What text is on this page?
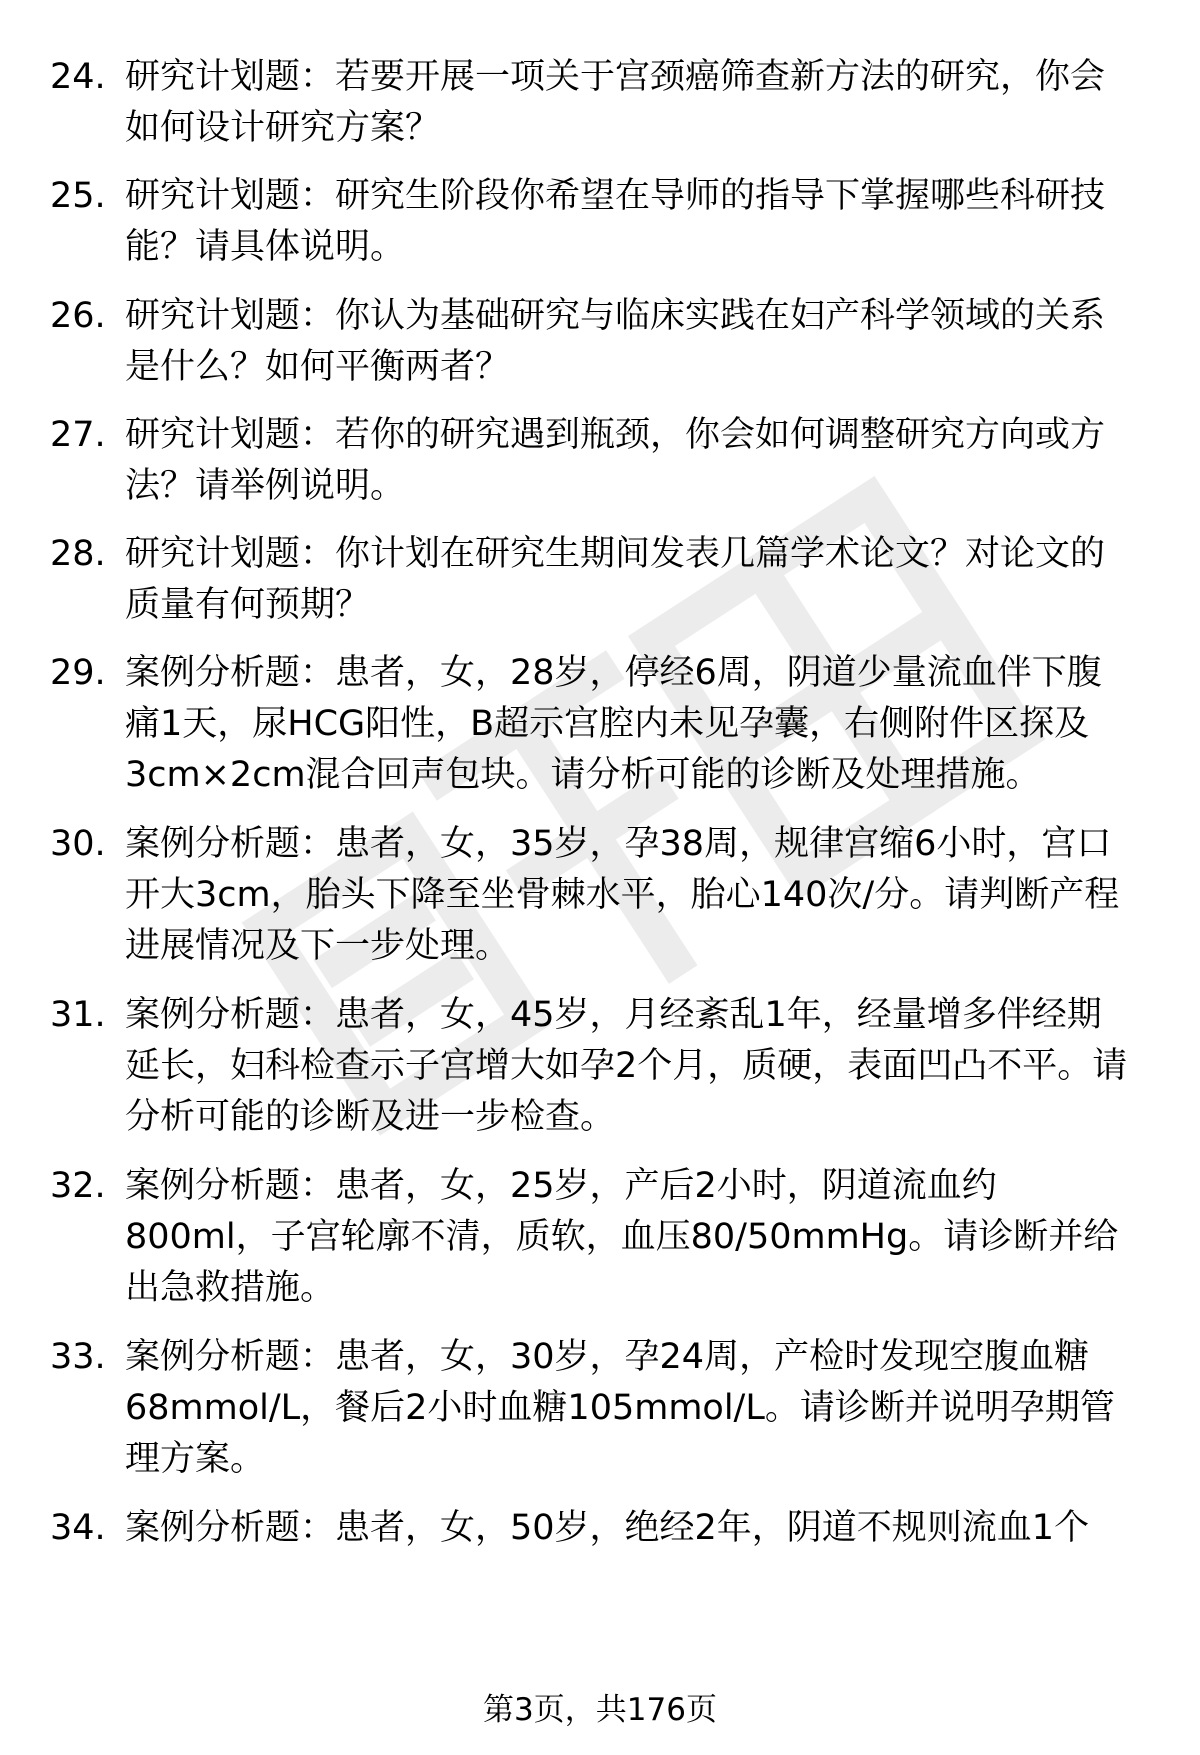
24. 研究计划题：若要开展一项关于宫颈癌筛查新方法的研究，你会
如何设计研究方案？
25. 研究计划题：研究生阶段你希望在导师的指导下掌握哪些科研技
能？请具体说明。
26. 研究计划题：你认为基础研究与临床实践在妇产科学领域的关系
是什么？如何平衡两者？
27. 研究计划题：若你的研究遇到瓶颈，你会如何调整研究方向或方
法？请举例说明。
28. 研究计划题：你计划在研究生期间发表几篇学术论文？对论文的
质量有何预期？
29. 案例分析题：患者，女，28岁，停经6周，阴道少量流血伴下腹
痛1天，尿HCG阳性，B超示宫腔内未见孕囊，右侧附件区探及
3cm×2cm混合回声包块。请分析可能的诊断及处理措施。
30. 案例分析题：患者，女，35岁，孕38周，规律宫缩6小时，宫口
开大3cm，胎头下降至坐骨棘水平，胎心140次/分。请判断产程
进展情况及下一步处理。
31. 案例分析题：患者，女，45岁，月经紊乱1年，经量增多伴经期
延长，妇科检查示子宫增大如孕2个月，质硬，表面凹凸不平。请
分析可能的诊断及进一步检查。
32. 案例分析题：患者，女，25岁，产后2小时，阴道流血约
800ml，子宫轮廓不清，质软，血压80/50mmHg。请诊断并给
出急救措施。
33. 案例分析题：患者，女，30岁，孕24周，产检时发现空腹血糖
68mmol/L，餐后2小时血糖105mmol/L。请诊断并说明孕期管
理方案。
34. 案例分析题：患者，女，50岁，绝经2年，阴道不规则流血1个
第3页，共176页
